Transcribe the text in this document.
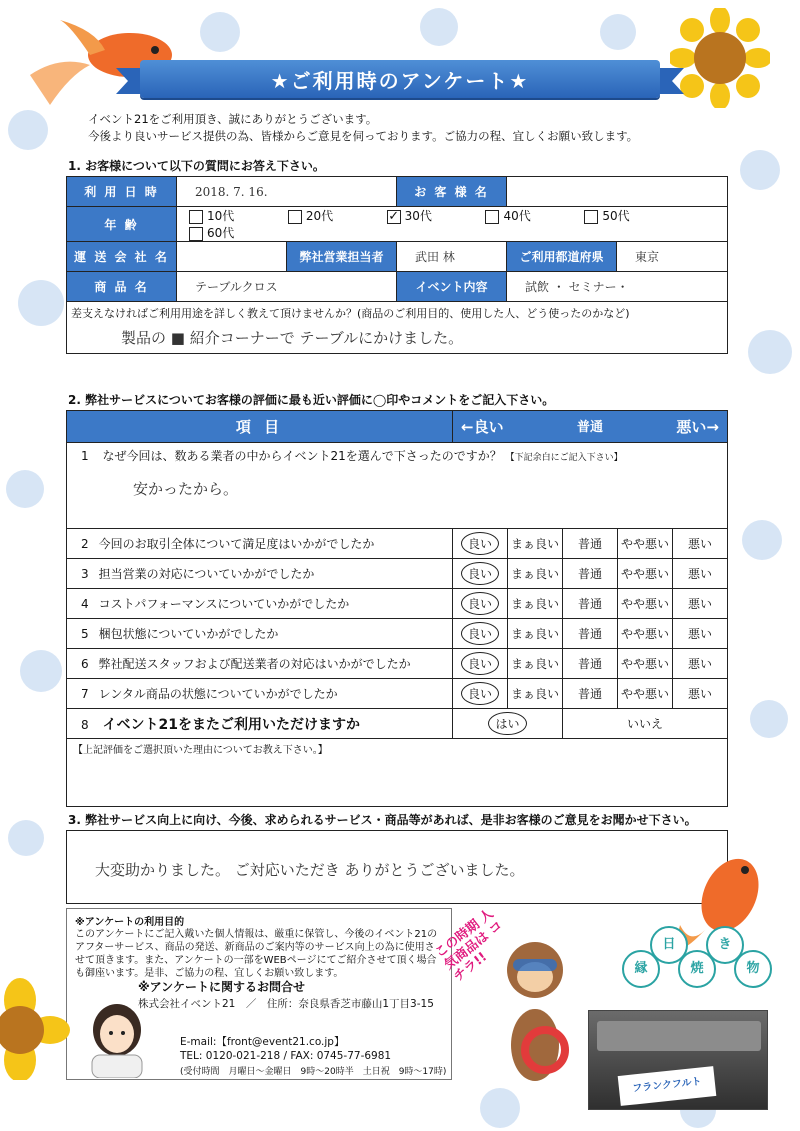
★ご利用時のアンケート★
イベント21をご利用頂き、誠にありがとうございます。
今後より良いサービス提供の為、皆様からご意見を伺っております。ご協力の程、宜しくお願い致します。
1. お客様について以下の質問にお答え下さい。
利 用 日 時	2018. 7. 16.		お 客 様 名		
年 齢	10代 20代 ✓ 30代 40代 50代 60代				
運 送 会 社 名		弊社営業担当者	武田 林	ご利用都道府県	東京
商 品 名	テーブルクロス		イベント内容	試飲 ・ セミナー・	

差支えなければご利用用途を詳しく教えて頂けませんか？(商品のご利用目的、使用した人、どう使ったのかなど)
製品の ■ 紹介コーナーで テーブルにかけました。					
2. 弊社サービスについてお客様の評価に最も近い評価に◯印やコメントをご記入下さい。
項 目	←良い 普通 悪い→				

1 なぜ今回は、数ある業者の中からイベント21を選んで下さったのですか？ 【下記余白にご記入下さい】
安かったから。					

2 今回のお取引全体について満足度はいかがでしたか	良い	まぁ良い	普通	やや悪い	悪い
3 担当営業の対応についていかがでしたか	良い	まぁ良い	普通	やや悪い	悪い
4 コストパフォーマンスについていかがでしたか	良い	まぁ良い	普通	やや悪い	悪い
5 梱包状態についていかがでしたか	良い	まぁ良い	普通	やや悪い	悪い
6 弊社配送スタッフおよび配送業者の対応はいかがでしたか	良い	まぁ良い	普通	やや悪い	悪い
7 レンタル商品の状態についていかがでしたか	良い	まぁ良い	普通	やや悪い	悪い
8 イベント21をまたご利用いただけますか	はい		いいえ		
【上記評価をご選択頂いた理由についてお教え下さい。】					
3. 弊社サービス向上に向け、今後、求められるサービス・商品等があれば、是非お客様のご意見をお聞かせ下さい。
大変助かりました。 ご対応いただき ありがとうございました。
※アンケートの利用目的
このアンケートにご記入戴いた個人情報は、厳重に保管し、今後のイベント21のアフターサービス、商品の発送、新商品のご案内等のサービス向上の為に使用させて頂きます。また、アンケートの一部をWEBページにてご紹介させて頂く場合も御座います。是非、ご協力の程、宜しくお願い致します。
※アンケートに関するお問合せ
株式会社イベント21　／　住所：奈良県香芝市藤山1丁目3-15
E-mail:【front@event21.co.jp】
TEL: 0120-021-218 / FAX: 0745-77-6981
(受付時間　月曜日〜金曜日　9時〜20時半　土日祝　9時〜17時)
この時期 人気商品は コチラ!!	縁
日
焼
き
物
フランクフルト
